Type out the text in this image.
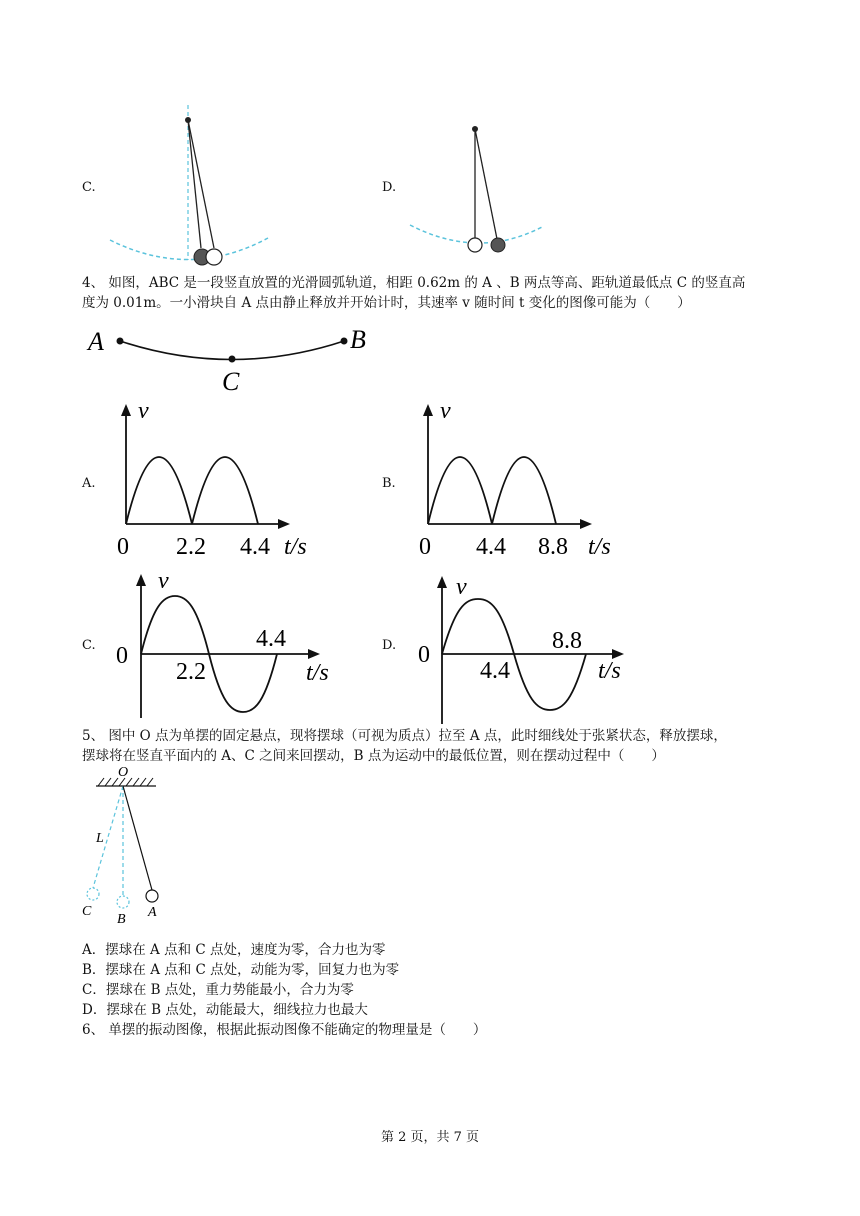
C.	D.
4、 如图，ABC 是一段竖直放置的光滑圆弧轨道，相距 0.62m 的 A 、B 两点等高、距轨道最低点 C 的竖直高
度为 0.01m。一小滑块自 A 点由静止释放并开始计时，其速率 v 随时间 t 变化的图像可能为（　　）
A	B
C
A.
v
0 2.2 4.4 t/s
B.
v
0 4.4 8.8 t/s
C.
v
0
2.2
4.4
t/s
D.
v
0
4.4
8.8
t/s
5、 图中 O 点为单摆的固定悬点，现将摆球（可视为质点）拉至 A 点，此时细线处于张紧状态，释放摆球，
摆球将在竖直平面内的 A、C 之间来回摆动，B 点为运动中的最低位置，则在摆动过程中（　　）
O
L
C
B A
A．摆球在 A 点和 C 点处，速度为零，合力也为零
B．摆球在 A 点和 C 点处，动能为零，回复力也为零
C．摆球在 B 点处，重力势能最小，合力为零
D．摆球在 B 点处，动能最大，细线拉力也最大
6、 单摆的振动图像，根据此振动图像不能确定的物理量是（　　）
第 2 页，共 7 页
